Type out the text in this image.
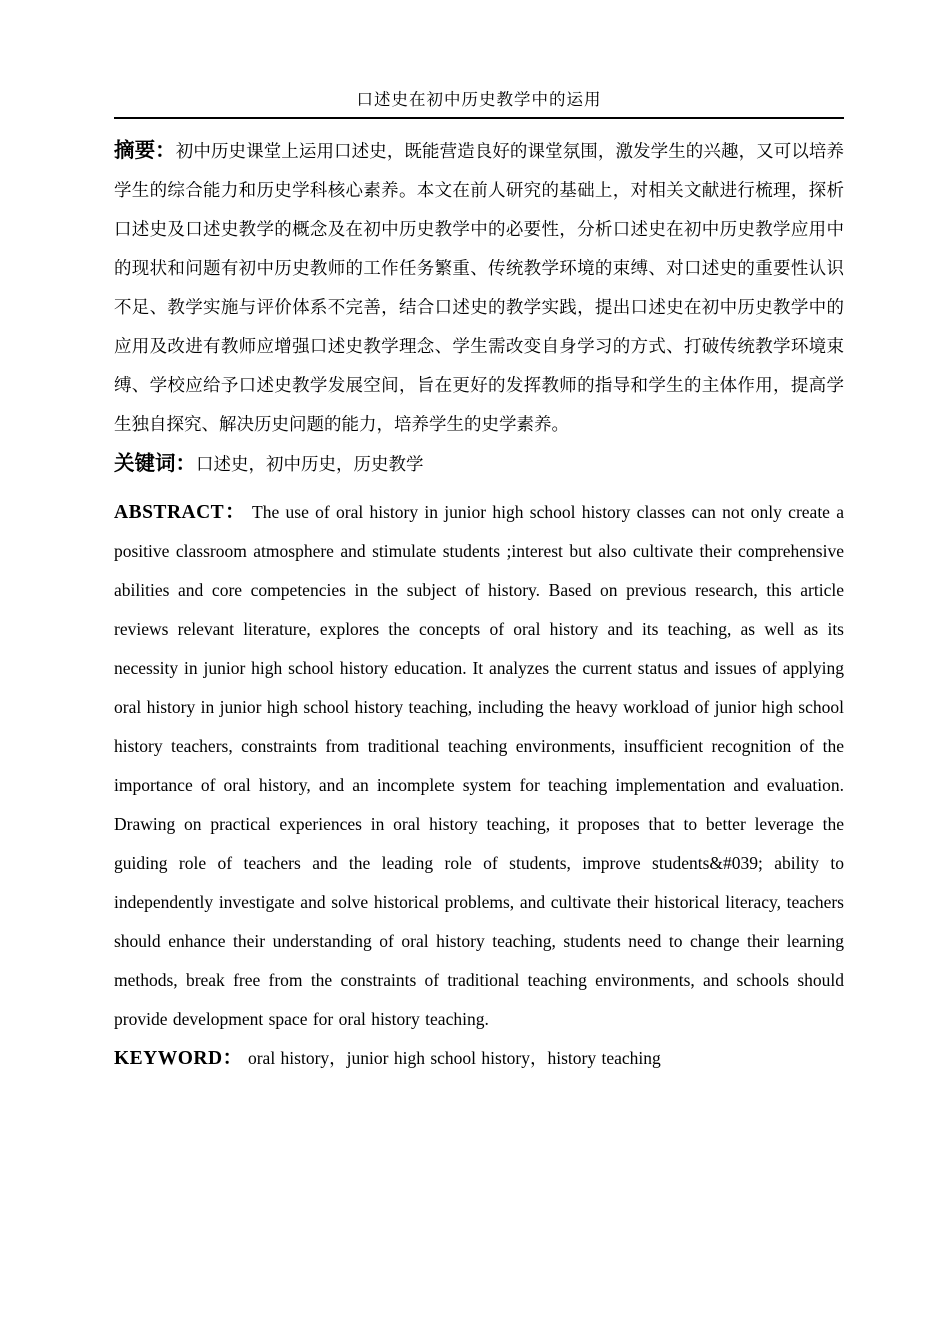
口述史在初中历史教学中的运用

摘要：初中历史课堂上运用口述史，既能营造良好的课堂氛围，激发学生的兴趣，又可以培养学生的综合能力和历史学科核心素养。本文在前人研究的基础上，对相关文献进行梳理，探析口述史及口述史教学的概念及在初中历史教学中的必要性，分析口述史在初中历史教学应用中的现状和问题有初中历史教师的工作任务繁重、传统教学环境的束缚、对口述史的重要性认识不足、教学实施与评价体系不完善，结合口述史的教学实践，提出口述史在初中历史教学中的应用及改进有教师应增强口述史教学理念、学生需改变自身学习的方式、打破传统教学环境束缚、学校应给予口述史教学发展空间，旨在更好的发挥教师的指导和学生的主体作用，提高学生独自探究、解决历史问题的能力，培养学生的史学素养。

关键词：口述史，初中历史，历史教学

ABSTRACT： The use of oral history in junior high school history classes can not only create a positive classroom atmosphere and stimulate students ;interest but also cultivate their comprehensive abilities and core competencies in the subject of history. Based on previous research, this article reviews relevant literature, explores the concepts of oral history and its teaching, as well as its necessity in junior high school history education. It analyzes the current status and issues of applying oral history in junior high school history teaching, including the heavy workload of junior high school history teachers, constraints from traditional teaching environments, insufficient recognition of the importance of oral history, and an incomplete system for teaching implementation and evaluation. Drawing on practical experiences in oral history teaching, it proposes that to better leverage the guiding role of teachers and the leading role of students, improve students&#039; ability to independently investigate and solve historical problems, and cultivate their historical literacy, teachers should enhance their understanding of oral history teaching, students need to change their learning methods, break free from the constraints of traditional teaching environments, and schools should provide development space for oral history teaching.

KEYWORD： oral history，junior high school history，history teaching
